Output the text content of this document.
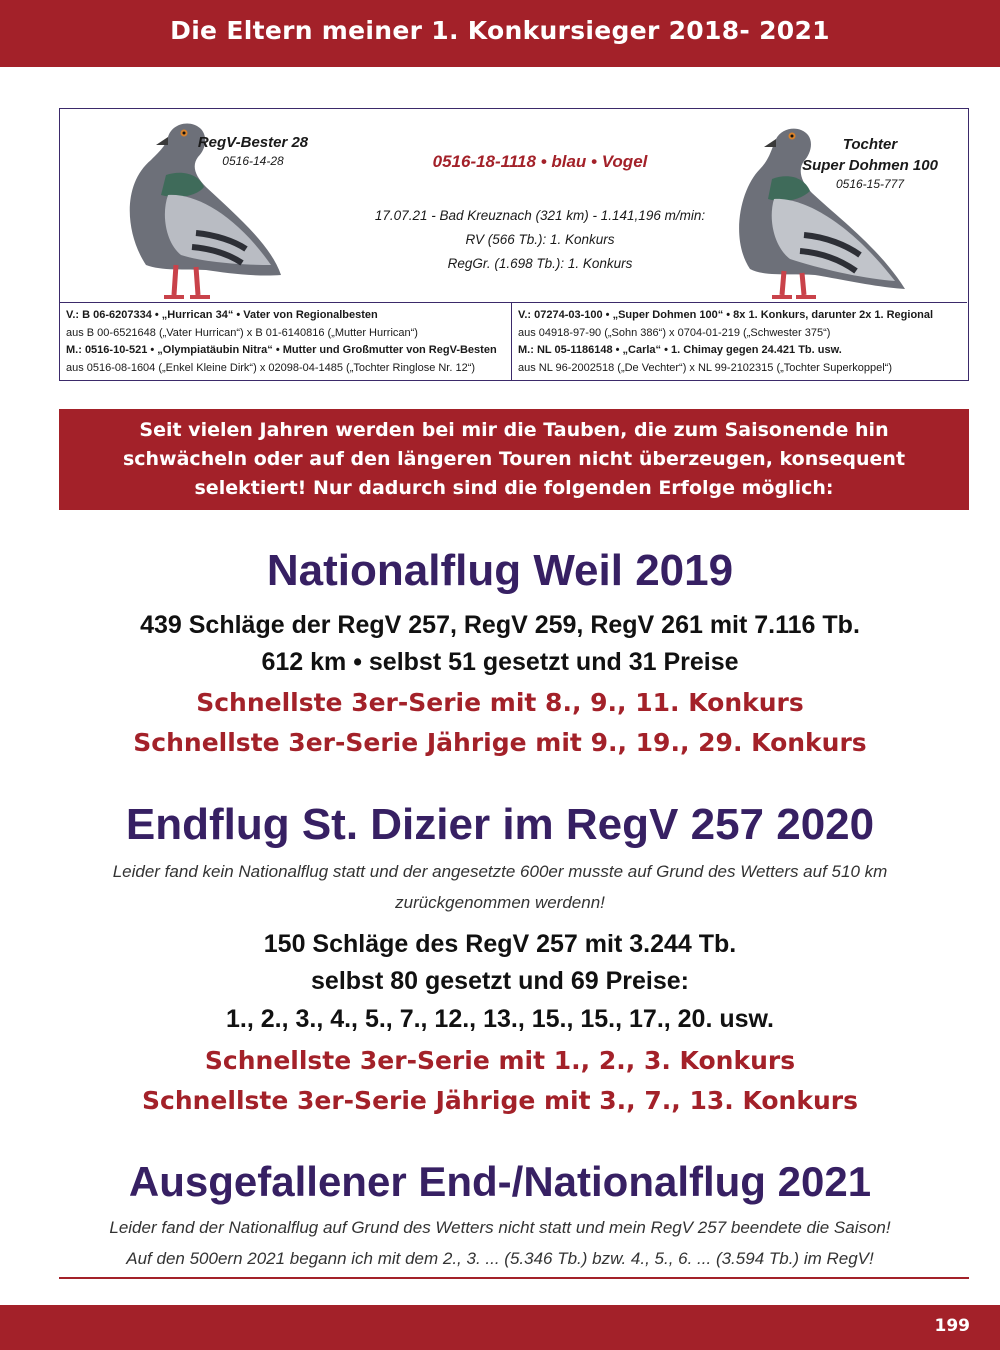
Die Eltern meiner 1. Konkursieger 2018- 2021
RegV-Bester 28
0516-14-28	0516-18-1118 • blau • Vogel
17.07.21 - Bad Kreuznach (321 km) - 1.141,196 m/min:
RV (566 Tb.): 1. Konkurs
RegGr. (1.698 Tb.): 1. Konkurs
Tochter
Super Dohmen 100
0516-15-777
V.: B 06-6207334 • „Hurrican 34“ • Vater von Regionalbesten
aus B 00-6521648 („Vater Hurrican“) x B 01-6140816 („Mutter Hurrican“)
M.: 0516-10-521 • „Olympiatäubin Nitra“ • Mutter und Großmutter von RegV-Besten
aus 0516-08-1604 („Enkel Kleine Dirk“) x 02098-04-1485 („Tochter Ringlose Nr. 12“)
V.: 07274-03-100 • „Super Dohmen 100“ • 8x 1. Konkurs, darunter 2x 1. Regional
aus 04918-97-90 („Sohn 386“) x 0704-01-219 („Schwester 375“)
M.: NL 05-1186148 • „Carla“ • 1. Chimay gegen 24.421 Tb. usw.
aus NL 96-2002518 („De Vechter“) x NL 99-2102315 („Tochter Superkoppel“)

Seit vielen Jahren werden bei mir die Tauben, die zum Saisonende hin
schwächeln oder auf den längeren Touren nicht überzeugen, konsequent
selektiert! Nur dadurch sind die folgenden Erfolge möglich:

Nationalflug Weil 2019
439 Schläge der RegV 257, RegV 259, RegV 261 mit 7.116 Tb.
612 km • selbst 51 gesetzt und 31 Preise
Schnellste 3er-Serie mit 8., 9., 11. Konkurs
Schnellste 3er-Serie Jährige mit 9., 19., 29. Konkurs
Endflug St. Dizier im RegV 257 2020
Leider fand kein Nationalflug statt und der angesetzte 600er musste auf Grund des Wetters auf 510 km
zurückgenommen werdenn!
150 Schläge des RegV 257 mit 3.244 Tb.
selbst 80 gesetzt und 69 Preise:
1., 2., 3., 4., 5., 7., 12., 13., 15., 15., 17., 20. usw.
Schnellste 3er-Serie mit 1., 2., 3. Konkurs
Schnellste 3er-Serie Jährige mit 3., 7., 13. Konkurs
Ausgefallener End-/Nationalflug 2021
Leider fand der Nationalflug auf Grund des Wetters nicht statt und mein RegV 257 beendete die Saison!
Auf den 500ern 2021 begann ich mit dem 2., 3. ... (5.346 Tb.) bzw. 4., 5., 6. ... (3.594 Tb.) im RegV!
199
